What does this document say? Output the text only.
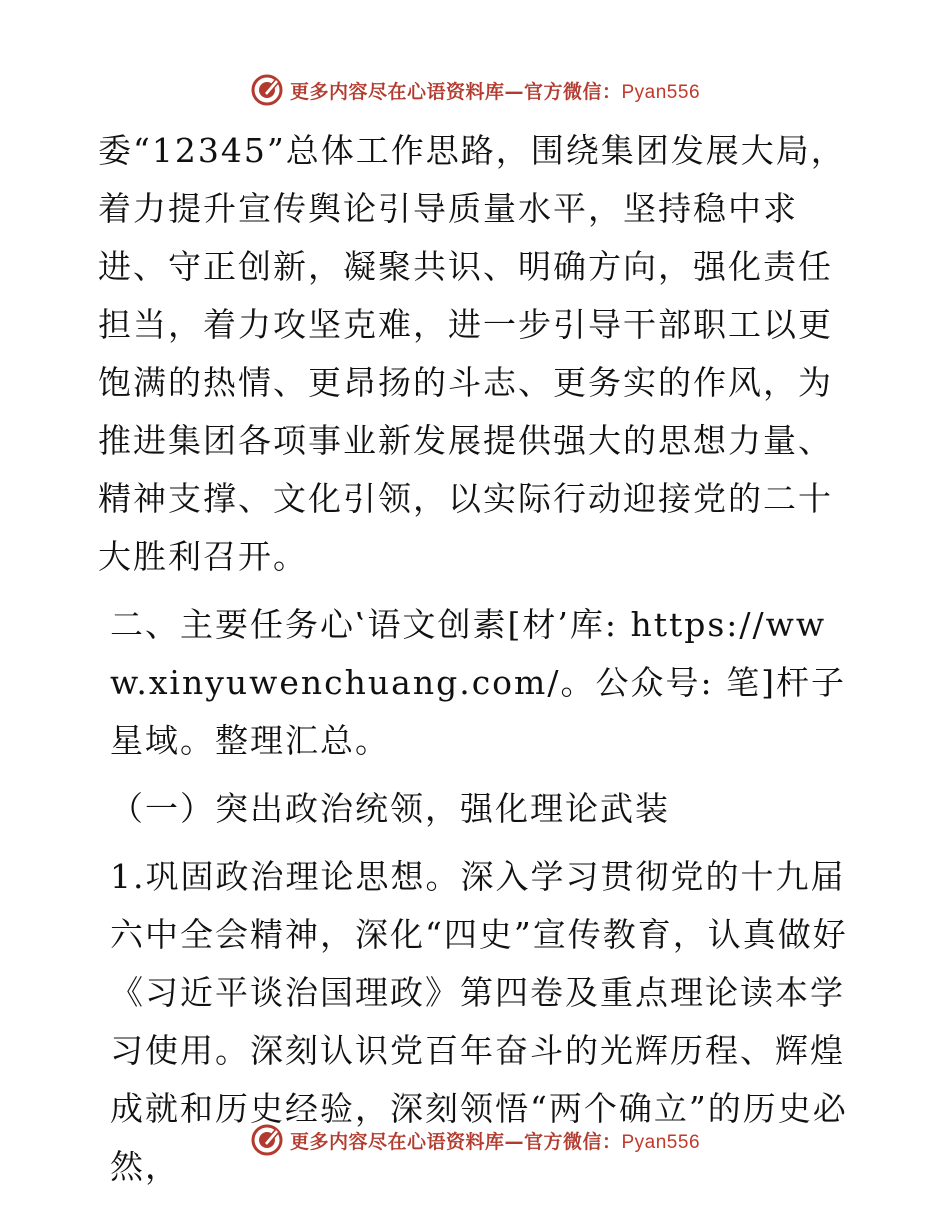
更多内容尽在心语资料库—官方微信：Pyan556

委“12345”总体工作思路，围绕集团发展大局，着力提升宣传舆论引导质量水平，坚持稳中求进、守正创新，凝聚共识、明确方向，强化责任担当，着力攻坚克难，进一步引导干部职工以更饱满的热情、更昂扬的斗志、更务实的作风，为推进集团各项事业新发展提供强大的思想力量、精神支撑、文化引领，以实际行动迎接党的二十大胜利召开。

二、主要任务心‛语文创素[材’库: https://www.xinyuwenchuang.com/。公众号: 笔]杆子星域。整理汇总。

（一）突出政治统领，强化理论武装

1.巩固政治理论思想。深入学习贯彻党的十九届六中全会精神，深化“四史”宣传教育，认真做好《习近平谈治国理政》第四卷及重点理论读本学习使用。深刻认识党百年奋斗的光辉历程、辉煌成就和历史经验，深刻领悟“两个确立”的历史必然，

更多内容尽在心语资料库—官方微信：Pyan556
